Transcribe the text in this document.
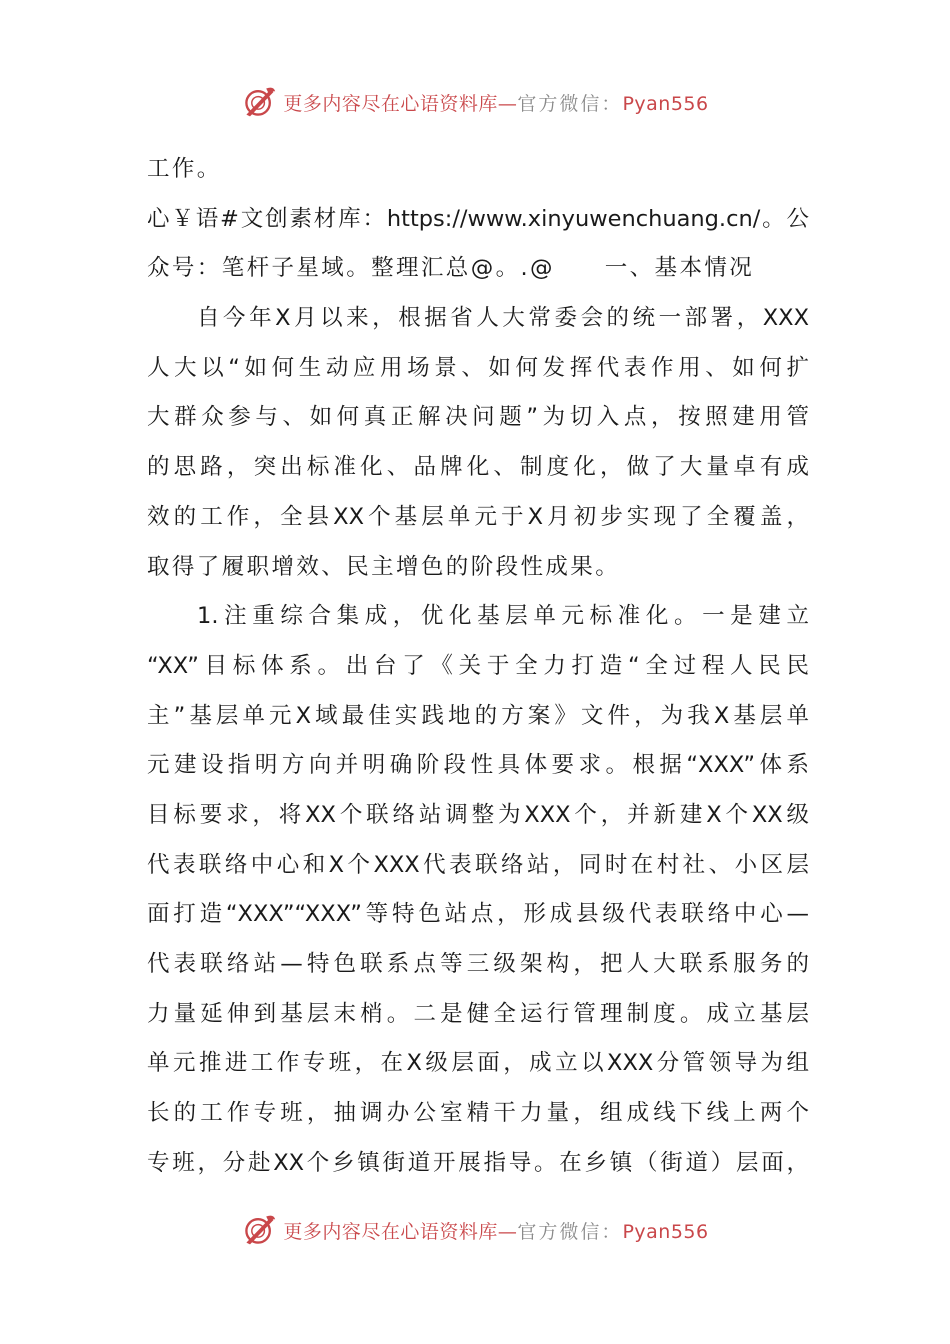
更多内容尽在心语资料库—官方微信：Pyan556
工作。
心￥语#文创素材库：https://www.xinyuwenchuang.cn/。公
众号：笔杆子星域。整理汇总@。.@　　一、基本情况
自今年X月以来，根据省人大常委会的统一部署，XXX
人大以“如何生动应用场景、如何发挥代表作用、如何扩
大群众参与、如何真正解决问题”为切入点，按照建用管
的思路，突出标准化、品牌化、制度化，做了大量卓有成
效的工作，全县XX个基层单元于X月初步实现了全覆盖，
取得了履职增效、民主增色的阶段性成果。
1.注重综合集成，优化基层单元标准化。一是建立
“XX”目标体系。出台了《关于全力打造“全过程人民民
主”基层单元X域最佳实践地的方案》文件，为我X基层单
元建设指明方向并明确阶段性具体要求。根据“XXX”体系
目标要求，将XX个联络站调整为XXX个，并新建X个XX级
代表联络中心和X个XXX代表联络站，同时在村社、小区层
面打造“XXX”“XXX”等特色站点，形成县级代表联络中心—
代表联络站—特色联系点等三级架构，把人大联系服务的
力量延伸到基层末梢。二是健全运行管理制度。成立基层
单元推进工作专班，在X级层面，成立以XXX分管领导为组
长的工作专班，抽调办公室精干力量，组成线下线上两个
专班，分赴XX个乡镇街道开展指导。在乡镇（街道）层面，
更多内容尽在心语资料库—官方微信：Pyan556
